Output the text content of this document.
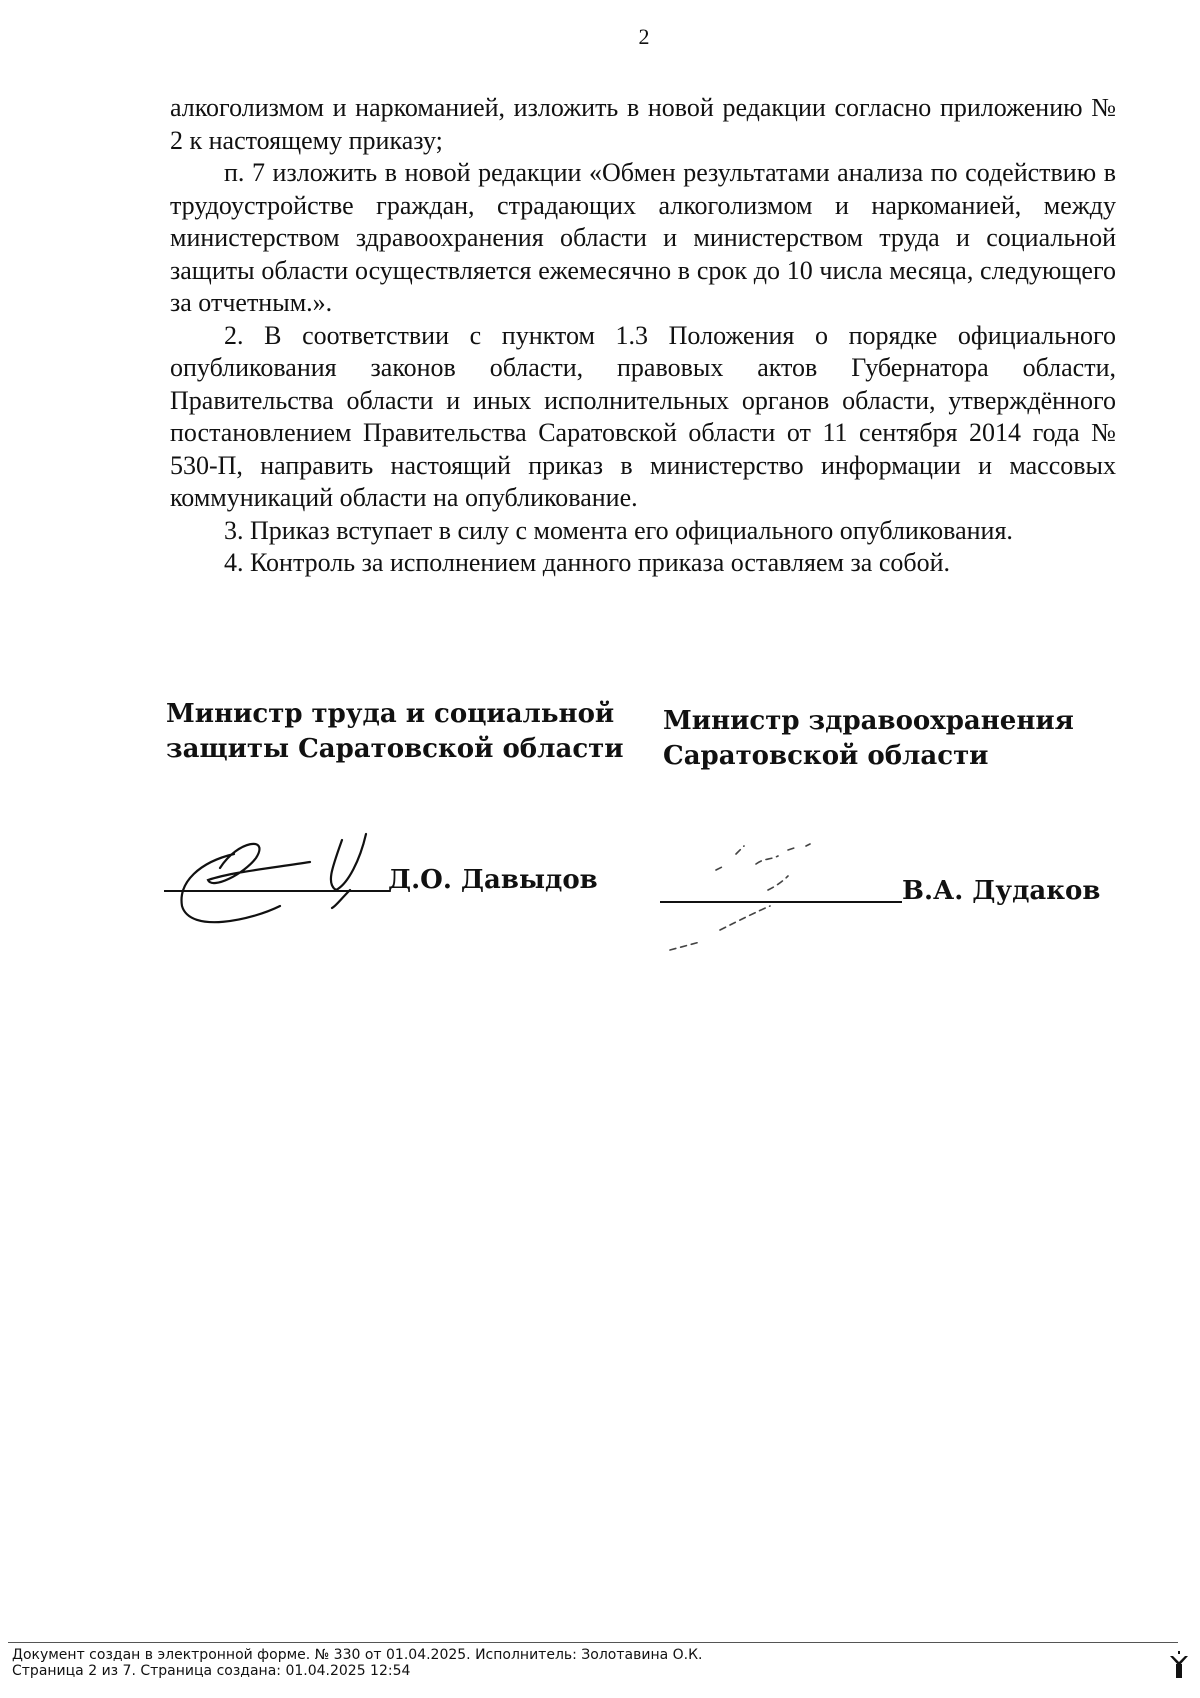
2

алкоголизмом и наркоманией, изложить в новой редакции согласно приложению № 2 к настоящему приказу;

п. 7 изложить в новой редакции «Обмен результатами анализа по содействию в трудоустройстве граждан, страдающих алкоголизмом и наркоманией, между министерством здравоохранения области и министерством труда и социальной защиты области осуществляется ежемесячно в срок до 10 числа месяца, следующего за отчетным.».

2. В соответствии с пунктом 1.3 Положения о порядке официального опубликования законов области, правовых актов Губернатора области, Правительства области и иных исполнительных органов области, утверждённого постановлением Правительства Саратовской области от 11 сентября 2014 года № 530-П, направить настоящий приказ в министерство информации и массовых коммуникаций области на опубликование.

3. Приказ вступает в силу с момента его официального опубликования.

4. Контроль за исполнением данного приказа оставляем за собой.

Министр труда и социальной
защиты Саратовской области
Министр здравоохранения
Саратовской области
Д.О. Давыдов	В.А. Дудаков
Документ создан в электронной форме. № 330 от 01.04.2025. Исполнитель: Золотавина О.К.
Страница 2 из 7. Страница создана: 01.04.2025 12:54
